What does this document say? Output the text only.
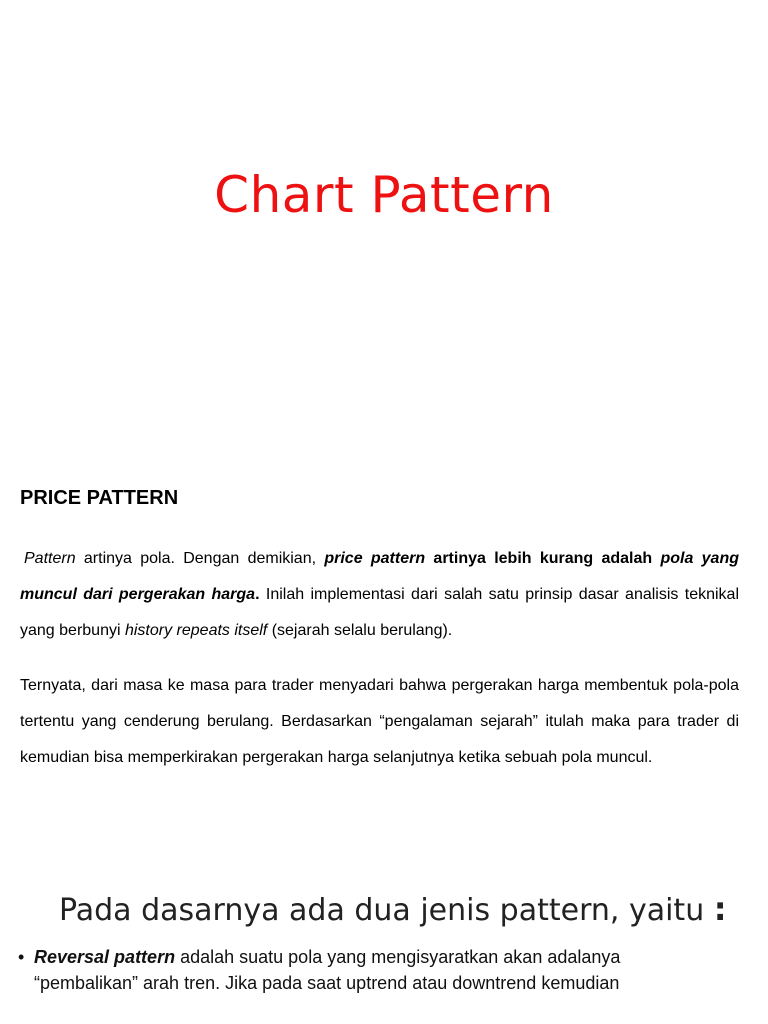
Chart Pattern
PRICE PATTERN
Pattern artinya pola. Dengan demikian, price pattern artinya lebih kurang adalah pola yang muncul dari pergerakan harga. Inilah implementasi dari salah satu prinsip dasar analisis teknikal yang berbunyi history repeats itself (sejarah selalu berulang).
Ternyata, dari masa ke masa para trader menyadari bahwa pergerakan harga membentuk pola-pola tertentu yang cenderung berulang. Berdasarkan “pengalaman sejarah” itulah maka para trader di kemudian bisa memperkirakan pergerakan harga selanjutnya ketika sebuah pola muncul.
Pada dasarnya ada dua jenis pattern, yaitu :
• Reversal pattern adalah suatu pola yang mengisyaratkan akan adalanya
“pembalikan” arah tren. Jika pada saat uptrend atau downtrend kemudian
